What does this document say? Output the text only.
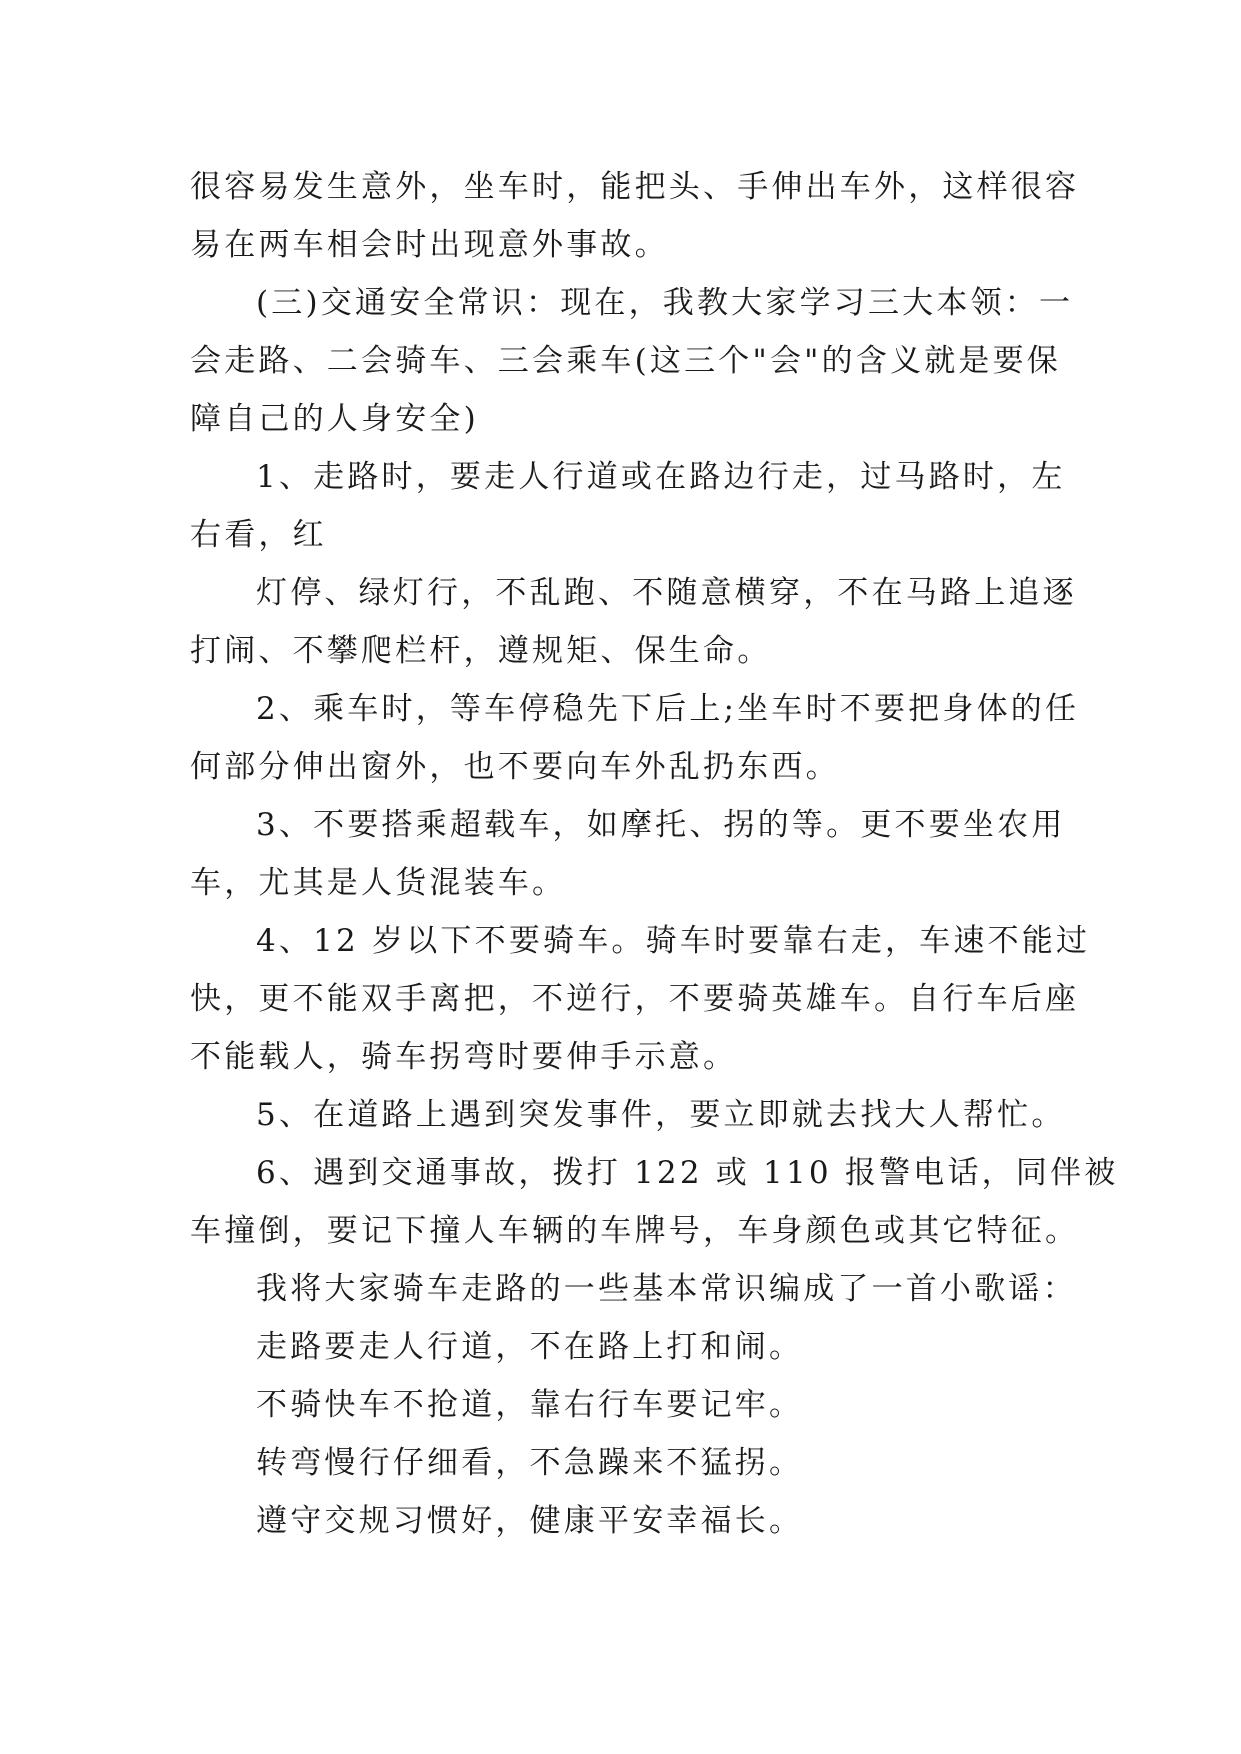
很容易发生意外，坐车时，能把头、手伸出车外，这样很容
易在两车相会时出现意外事故。
(三)交通安全常识：现在，我教大家学习三大本领：一
会走路、二会骑车、三会乘车(这三个"会"的含义就是要保
障自己的人身安全)
1、走路时，要走人行道或在路边行走，过马路时，左
右看，红
灯停、绿灯行，不乱跑、不随意横穿，不在马路上追逐
打闹、不攀爬栏杆，遵规矩、保生命。
2、乘车时，等车停稳先下后上;坐车时不要把身体的任
何部分伸出窗外，也不要向车外乱扔东西。
3、不要搭乘超载车，如摩托、拐的等。更不要坐农用
车，尤其是人货混装车。
4、12 岁以下不要骑车。骑车时要靠右走，车速不能过
快，更不能双手离把，不逆行，不要骑英雄车。自行车后座
不能载人，骑车拐弯时要伸手示意。
5、在道路上遇到突发事件，要立即就去找大人帮忙。
6、遇到交通事故，拨打 122 或 110 报警电话，同伴被
车撞倒，要记下撞人车辆的车牌号，车身颜色或其它特征。
我将大家骑车走路的一些基本常识编成了一首小歌谣：
走路要走人行道，不在路上打和闹。
不骑快车不抢道，靠右行车要记牢。
转弯慢行仔细看，不急躁来不猛拐。
遵守交规习惯好，健康平安幸福长。
